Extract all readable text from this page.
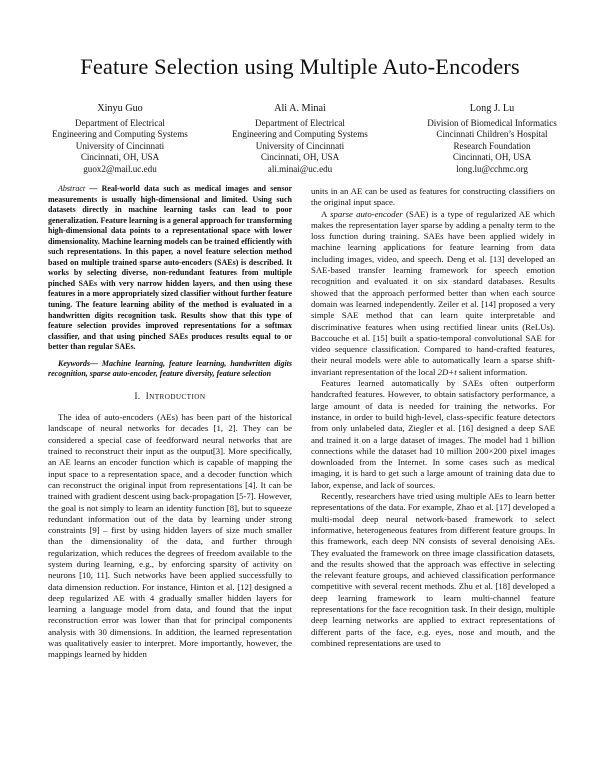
Feature Selection using Multiple Auto-Encoders
Xinyu Guo
Department of Electrical
Engineering and Computing Systems
University of Cincinnati
Cincinnati, OH, USA
guox2@mail.uc.edu
Ali A. Minai
Department of Electrical
Engineering and Computing Systems
University of Cincinnati
Cincinnati, OH, USA
ali.minai@uc.edu
Long J. Lu
Division of Biomedical Informatics
Cincinnati Children’s Hospital
Research Foundation
Cincinnati, OH, USA
long.lu@cchmc.org

Abstract — Real-world data such as medical images and sensor measurements is usually high-dimensional and limited. Using such datasets directly in machine learning tasks can lead to poor generalization. Feature learning is a general approach for transforming high-dimensional data points to a representational space with lower dimensionality. Machine learning models can be trained efficiently with such representations. In this paper, a novel feature selection method based on multiple trained sparse auto-encoders (SAEs) is described. It works by selecting diverse, non-redundant features from multiple pinched SAEs with very narrow hidden layers, and then using these features in a more appropriately sized classifier without further feature tuning. The feature learning ability of the method is evaluated in a handwritten digits recognition task. Results show that this type of feature selection provides improved representations for a softmax classifier, and that using pinched SAEs produces results equal to or better than regular SAEs.

Keywords— Machine learning, feature learning, handwritten digits recognition, sparse auto-encoder, feature diversity, feature selection

I. INTRODUCTION

The idea of auto-encoders (AEs) has been part of the historical landscape of neural networks for decades [1, 2]. They can be considered a special case of feedforward neural networks that are trained to reconstruct their input as the output[3]. More specifically, an AE learns an encoder function which is capable of mapping the input space to a representation space, and a decoder function which can reconstruct the original input from representations [4]. It can be trained with gradient descent using back-propagation [5-7]. However, the goal is not simply to learn an identity function [8], but to squeeze redundant information out of the data by learning under strong constraints [9] – first by using hidden layers of size much smaller than the dimensionality of the data, and further through regularization, which reduces the degrees of freedom available to the system during learning, e.g., by enforcing sparsity of activity on neurons [10, 11]. Such networks have been applied successfully to data dimension reduction. For instance, Hinton et al. [12] designed a deep regularized AE with 4 gradually smaller hidden layers for learning a language model from data, and found that the input reconstruction error was lower than that for principal components analysis with 30 dimensions. In addition, the learned representation was qualitatively easier to interpret. More importantly, however, the mappings learned by hidden

units in an AE can be used as features for constructing classifiers on the original input space.

A sparse auto-encoder (SAE) is a type of regularized AE which makes the representation layer sparse by adding a penalty term to the loss function during training. SAEs have been applied widely in machine learning applications for feature learning from data including images, video, and speech. Deng et al. [13] developed an SAE-based transfer learning framework for speech emotion recognition and evaluated it on six standard databases. Results showed that the approach performed better than when each source domain was learned independently. Zeiler et al. [14] proposed a very simple SAE method that can learn quite interpretable and discriminative features when using rectified linear units (ReLUs). Baccouche et al. [15] built a spatio-temporal convolutional SAE for video sequence classification. Compared to hand-crafted features, their neural models were able to automatically learn a sparse shift-invariant representation of the local 2D+t salient information.

Features learned automatically by SAEs often outperform handcrafted features. However, to obtain satisfactory performance, a large amount of data is needed for training the networks. For instance, in order to build high-level, class-specific feature detectors from only unlabeled data, Ziegler et al. [16] designed a deep SAE and trained it on a large dataset of images. The model had 1 billion connections while the dataset had 10 million 200×200 pixel images downloaded from the Internet. In some cases such as medical imaging, it is hard to get such a large amount of training data due to labor, expense, and lack of sources.

Recently, researchers have tried using multiple AEs to learn better representations of the data. For example, Zhao et al. [17] developed a multi-modal deep neural network-based framework to select informative, heterogeneous features from different feature groups. In this framework, each deep NN consists of several denoising AEs. They evaluated the framework on three image classification datasets, and the results showed that the approach was effective in selecting the relevant feature groups, and achieved classification performance competitive with several recent methods. Zhu et al. [18] developed a deep learning framework to learn multi-channel feature representations for the face recognition task. In their design, multiple deep learning networks are applied to extract representations of different parts of the face, e.g. eyes, nose and mouth, and the combined representations are used to
